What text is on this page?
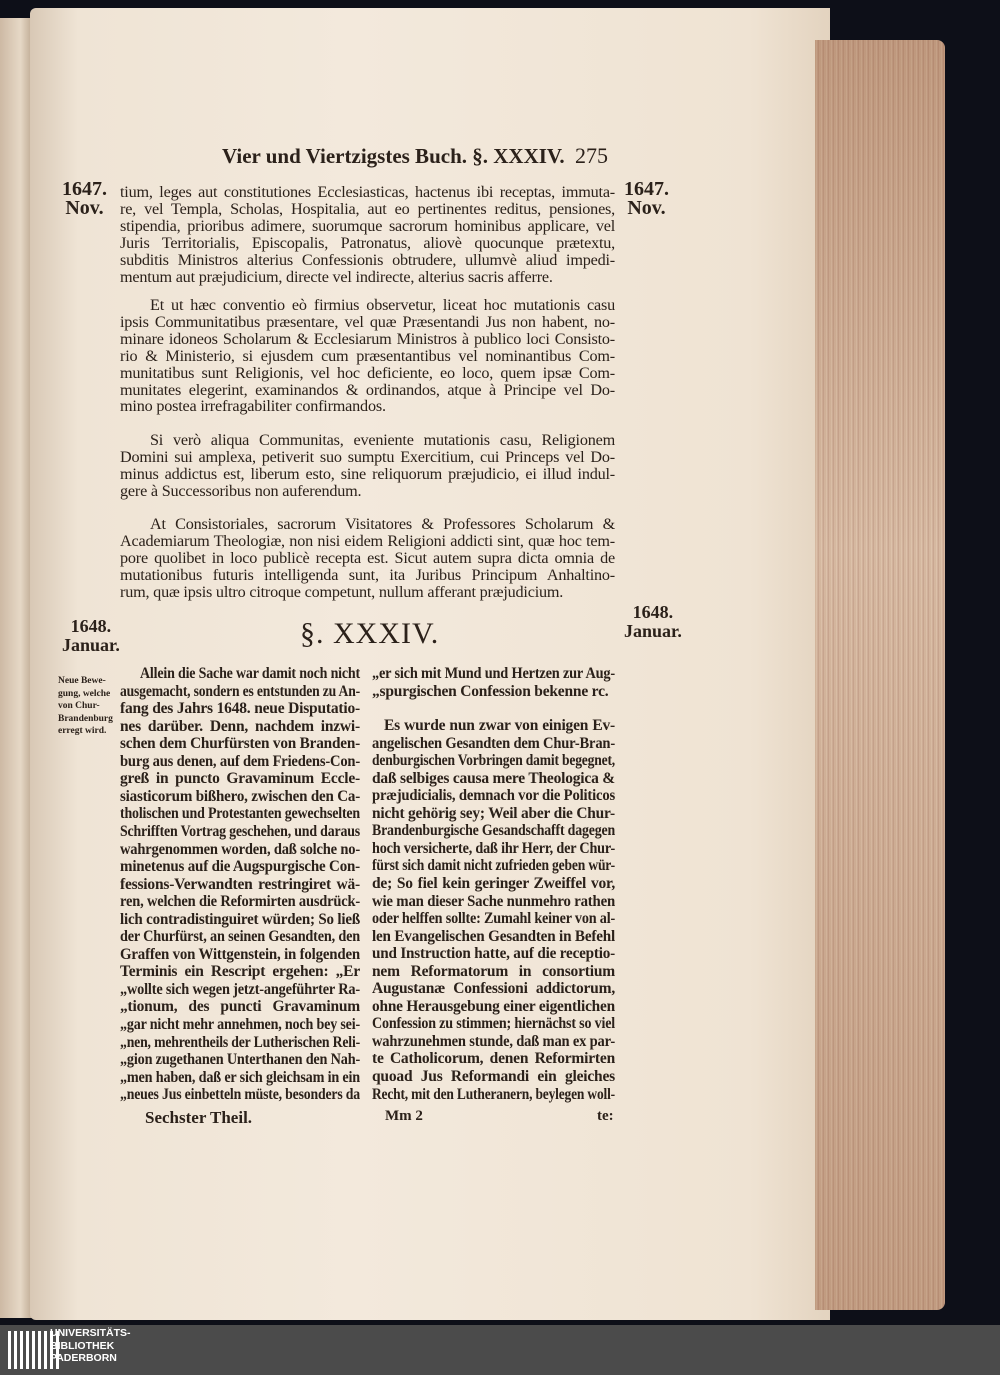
Vier und Viertzigstes Buch. §. XXXIV. 275
1647.
Nov.
1647.
Nov.
1648.
Januar.
1648.
Januar.
tium, leges aut constitutiones Ecclesiasticas, hactenus ibi receptas, immuta-
re, vel Templa, Scholas, Hospitalia, aut eo pertinentes reditus, pensiones,
stipendia, prioribus adimere, suorumque sacrorum hominibus applicare, vel
Juris Territorialis, Episcopalis, Patronatus, aliovè quocunque prætextu,
subditis Ministros alterius Confessionis obtrudere, ullumvè aliud impedi-
mentum aut præjudicium, directe vel indirecte, alterius sacris afferre.
Et ut hæc conventio eò firmius observetur, liceat hoc mutationis casu
ipsis Communitatibus præsentare, vel quæ Præsentandi Jus non habent, no-
minare idoneos Scholarum & Ecclesiarum Ministros à publico loci Consisto-
rio & Ministerio, si ejusdem cum præsentantibus vel nominantibus Com-
munitatibus sunt Religionis, vel hoc deficiente, eo loco, quem ipsæ Com-
munitates elegerint, examinandos & ordinandos, atque à Principe vel Do-
mino postea irrefragabiliter confirmandos.
Si verò aliqua Communitas, eveniente mutationis casu, Religionem
Domini sui amplexa, petiverit suo sumptu Exercitium, cui Princeps vel Do-
minus addictus est, liberum esto, sine reliquorum præjudicio, ei illud indul-
gere à Successoribus non auferendum.
At Consistoriales, sacrorum Visitatores & Professores Scholarum &
Academiarum Theologiæ, non nisi eidem Religioni addicti sint, quæ hoc tem-
pore quolibet in loco publicè recepta est. Sicut autem supra dicta omnia de
mutationibus futuris intelligenda sunt, ita Juribus Principum Anhaltino-
rum, quæ ipsis ultro citroque competunt, nullum afferant præjudicium.
§. XXXIV.
Neue Bewe-
gung, welche
von Chur-
Brandenburg
erregt wird.
Allein die Sache war damit noch nicht
ausgemacht, sondern es entstunden zu An-
fang des Jahrs 1648. neue Disputatio-
nes darüber. Denn, nachdem inzwi-
schen dem Churfürsten von Branden-
burg aus denen, auf dem Friedens-Con-
greß in puncto Gravaminum Eccle-
siasticorum bißhero, zwischen den Ca-
tholischen und Protestanten gewechselten
Schrifften Vortrag geschehen, und daraus
wahrgenommen worden, daß solche no-
minetenus auf die Augspurgische Con-
fessions-Verwandten restringiret wä-
ren, welchen die Reformirten ausdrück-
lich contradistinguiret würden; So ließ
der Churfürst, an seinen Gesandten, den
Graffen von Wittgenstein, in folgenden
Terminis ein Rescript ergehen: „Er
„wollte sich wegen jetzt-angeführter Ra-
„tionum, des puncti Gravaminum
„gar nicht mehr annehmen, noch bey sei-
„nen, mehrentheils der Lutherischen Reli-
„gion zugethanen Unterthanen den Nah-
„men haben, daß er sich gleichsam in ein
„neues Jus einbetteln müste, besonders da
„er sich mit Mund und Hertzen zur Aug-
„spurgischen Confession bekenne rc.
Es wurde nun zwar von einigen Ev-
angelischen Gesandten dem Chur-Bran-
denburgischen Vorbringen damit begegnet,
daß selbiges causa mere Theologica &
præjudicialis, demnach vor die Politicos
nicht gehörig sey; Weil aber die Chur-
Brandenburgische Gesandschafft dagegen
hoch versicherte, daß ihr Herr, der Chur-
fürst sich damit nicht zufrieden geben wür-
de; So fiel kein geringer Zweiffel vor,
wie man dieser Sache nunmehro rathen
oder helffen sollte: Zumahl keiner von al-
len Evangelischen Gesandten in Befehl
und Instruction hatte, auf die receptio-
nem Reformatorum in consortium
Augustanæ Confessioni addictorum,
ohne Herausgebung einer eigentlichen
Confession zu stimmen; hiernächst so viel
wahrzunehmen stunde, daß man ex par-
te Catholicorum, denen Reformirten
quoad Jus Reformandi ein gleiches
Recht, mit den Lutheranern, beylegen woll-
Sechster Theil.	Mm 2	te:
UNIVERSITÄTS-
BIBLIOTHEK
PADERBORN
